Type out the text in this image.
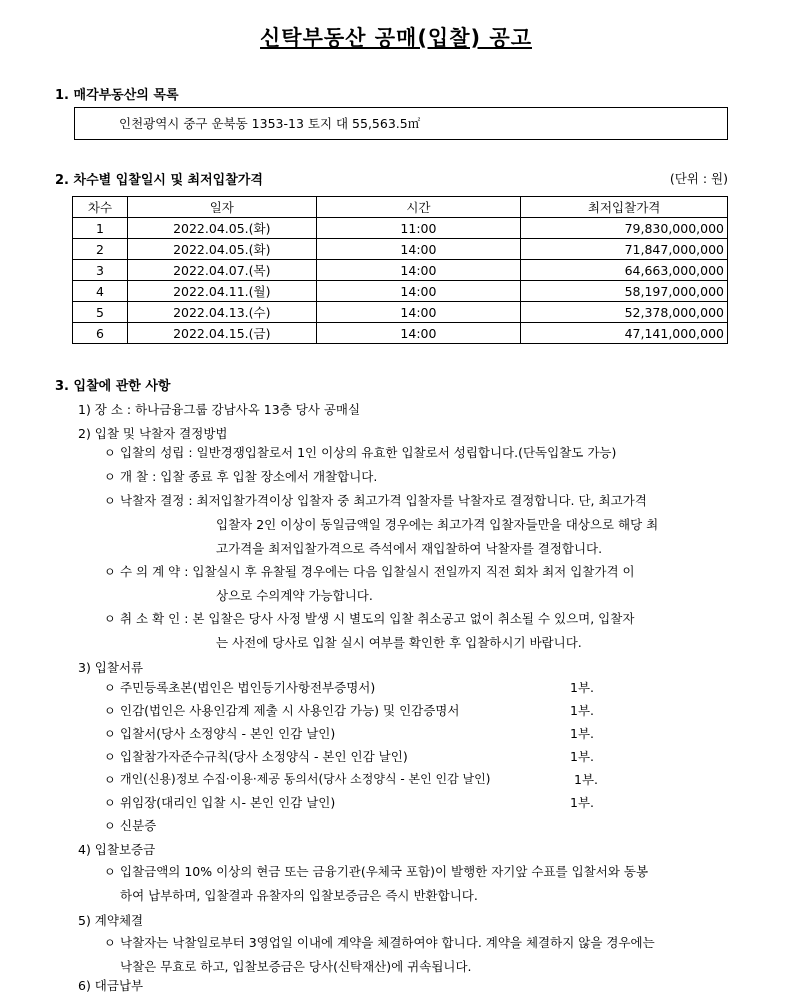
신탁부동산 공매(입찰) 공고
1. 매각부동산의 목록
인천광역시 중구 운북동 1353-13 토지 대 55,563.5㎡
2. 차수별 입찰일시 및 최저입찰가격	(단위 : 원)
차수	일자	시간	최저입찰가격
1	2022.04.05.(화)	11:00	79,830,000,000
2	2022.04.05.(화)	14:00	71,847,000,000
3	2022.04.07.(목)	14:00	64,663,000,000
4	2022.04.11.(월)	14:00	58,197,000,000
5	2022.04.13.(수)	14:00	52,378,000,000
6	2022.04.15.(금)	14:00	47,141,000,000
3. 입찰에 관한 사항
1) 장 소 : 하나금융그룹 강남사옥 13층 당사 공매실
2) 입찰 및 낙찰자 결정방법
ㅇ 입찰의 성립 : 일반경쟁입찰로서 1인 이상의 유효한 입찰로서 성립합니다.(단독입찰도 가능)
ㅇ 개 찰 : 입찰 종료 후 입찰 장소에서 개찰합니다.
ㅇ 낙찰자 결정 : 최저입찰가격이상 입찰자 중 최고가격 입찰자를 낙찰자로 결정합니다. 단, 최고가격
입찰자 2인 이상이 동일금액일 경우에는 최고가격 입찰자들만을 대상으로 해당 최
고가격을 최저입찰가격으로 즉석에서 재입찰하여 낙찰자를 결정합니다.
ㅇ 수 의 계 약 : 입찰실시 후 유찰될 경우에는 다음 입찰실시 전일까지 직전 회차 최저 입찰가격 이
상으로 수의계약 가능합니다.
ㅇ 취 소 확 인 : 본 입찰은 당사 사정 발생 시 별도의 입찰 취소공고 없이 취소될 수 있으며, 입찰자
는 사전에 당사로 입찰 실시 여부를 확인한 후 입찰하시기 바랍니다.
3) 입찰서류
ㅇ 주민등록초본(법인은 법인등기사항전부증명서)	1부.
ㅇ 인감(법인은 사용인감계 제출 시 사용인감 가능) 및 인감증명서	1부.
ㅇ 입찰서(당사 소정양식 - 본인 인감 날인)	1부.
ㅇ 입찰참가자준수규칙(당사 소정양식 - 본인 인감 날인)	1부.
ㅇ 개인(신용)정보 수집·이용·제공 동의서(당사 소정양식 - 본인 인감 날인)	1부.
ㅇ 위임장(대리인 입찰 시- 본인 인감 날인)	1부.
ㅇ 신분증
4) 입찰보증금
ㅇ 입찰금액의 10% 이상의 현금 또는 금융기관(우체국 포함)이 발행한 자기앞 수표를 입찰서와 동봉
하여 납부하며, 입찰결과 유찰자의 입찰보증금은 즉시 반환합니다.
5) 계약체결
ㅇ 낙찰자는 낙찰일로부터 3영업일 이내에 계약을 체결하여야 합니다. 계약을 체결하지 않을 경우에는
낙찰은 무효로 하고, 입찰보증금은 당사(신탁재산)에 귀속됩니다.
6) 대금납부
